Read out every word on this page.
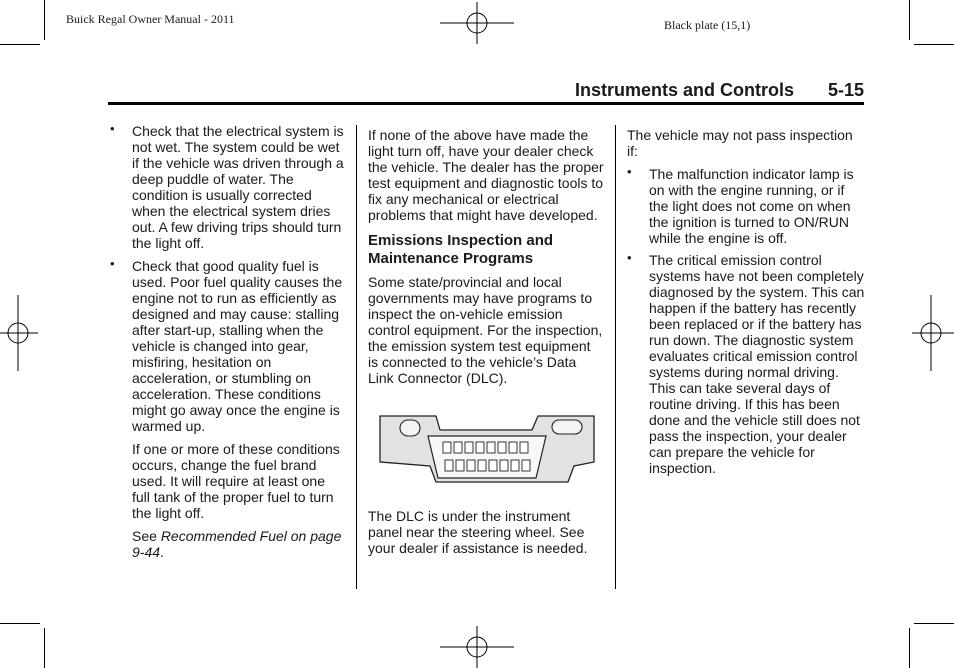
Buick Regal Owner Manual - 2011	Black plate (15,1)
Instruments and Controls 5-15
• Check that the electrical system is not wet. The system could be wet if the vehicle was driven through a deep puddle of water. The condition is usually corrected when the electrical system dries out. A few driving trips should turn the light off.

• Check that good quality fuel is used. Poor fuel quality causes the engine not to run as efficiently as designed and may cause: stalling after start-up, stalling when the vehicle is changed into gear, misfiring, hesitation on acceleration, or stumbling on acceleration. These conditions might go away once the engine is warmed up.

If one or more of these conditions occurs, change the fuel brand used. It will require at least one full tank of the proper fuel to turn the light off.

See Recommended Fuel on page 9-44.

If none of the above have made the light turn off, have your dealer check the vehicle. The dealer has the proper test equipment and diagnostic tools to fix any mechanical or electrical problems that might have developed.

Emissions Inspection and Maintenance Programs

Some state/provincial and local governments may have programs to inspect the on-vehicle emission control equipment. For the inspection, the emission system test equipment is connected to the vehicle’s Data Link Connector (DLC).

The DLC is under the instrument panel near the steering wheel. See your dealer if assistance is needed.

The vehicle may not pass inspection if:

• The malfunction indicator lamp is on with the engine running, or if the light does not come on when the ignition is turned to ON/RUN while the engine is off.

• The critical emission control systems have not been completely diagnosed by the system. This can happen if the battery has recently been replaced or if the battery has run down. The diagnostic system evaluates critical emission control systems during normal driving. This can take several days of routine driving. If this has been done and the vehicle still does not pass the inspection, your dealer can prepare the vehicle for inspection.
